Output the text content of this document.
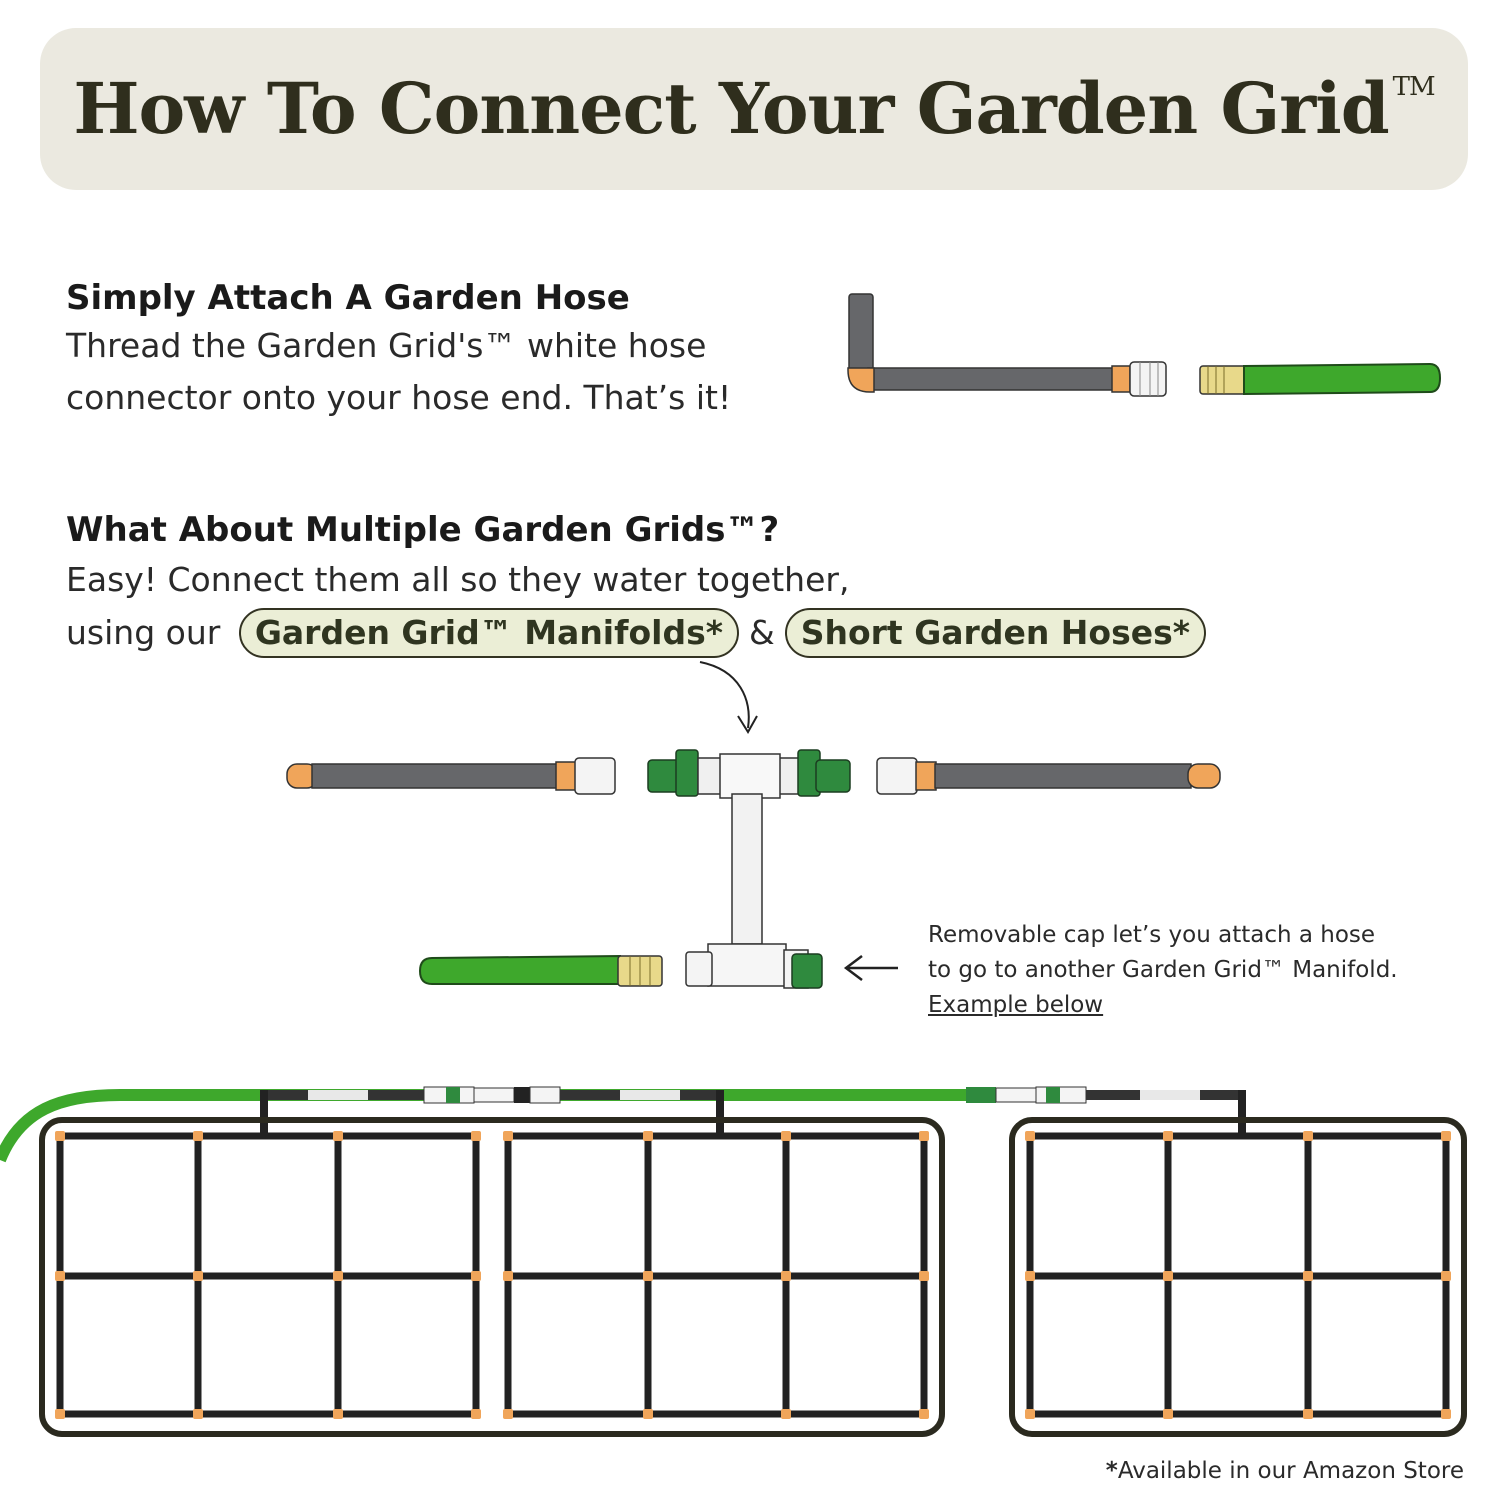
How To Connect Your Garden Grid ™
Simply Attach A Garden Hose
Thread the Garden Grid's™ white hose
connector onto your hose end. That’s it!
What About Multiple Garden Grids™?
Easy! Connect them all so they water together,
using our Garden Grid™ Manifolds* & Short Garden Hoses*
Removable cap let’s you attach a hose
to go to another Garden Grid™ Manifold.
Example below
*Available in our Amazon Store
